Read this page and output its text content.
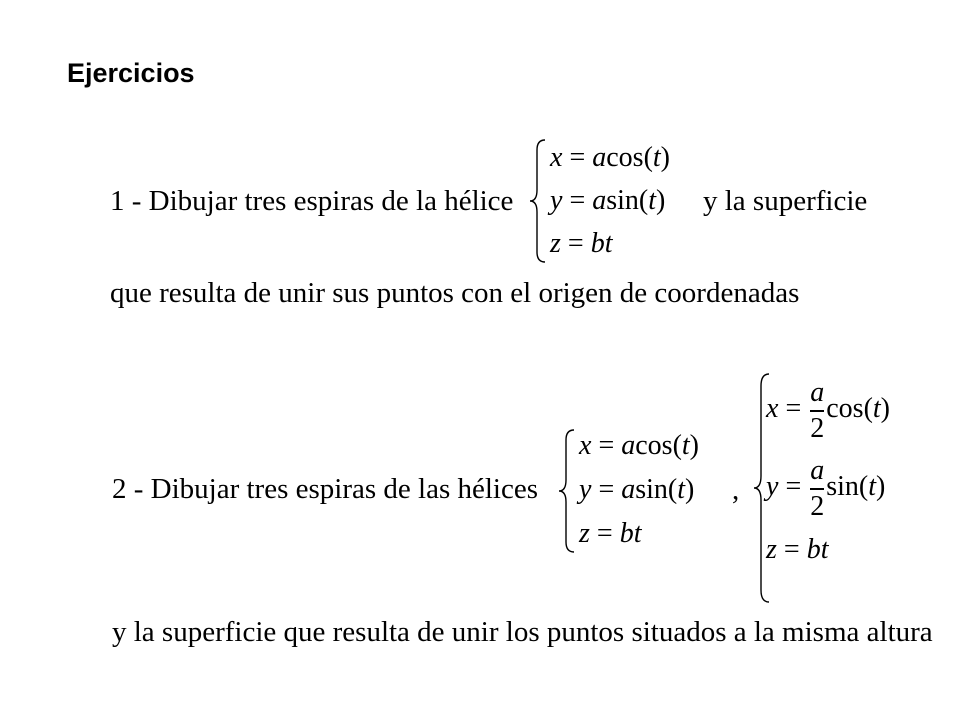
Ejercicios
1 - Dibujar tres espiras de la hélice
x = acos(t)
y = asin(t)
z = bt
y la superficie
que resulta de unir sus puntos con el origen de coordenadas
2 - Dibujar tres espiras de las hélices
x = acos(t)
y = asin(t)
z = bt
,
$x = \frac{a}{2} \cos(t)$
$y = \frac{a}{2} \sin(t)$
z = bt
y la superficie que resulta de unir los puntos situados a la misma altura
